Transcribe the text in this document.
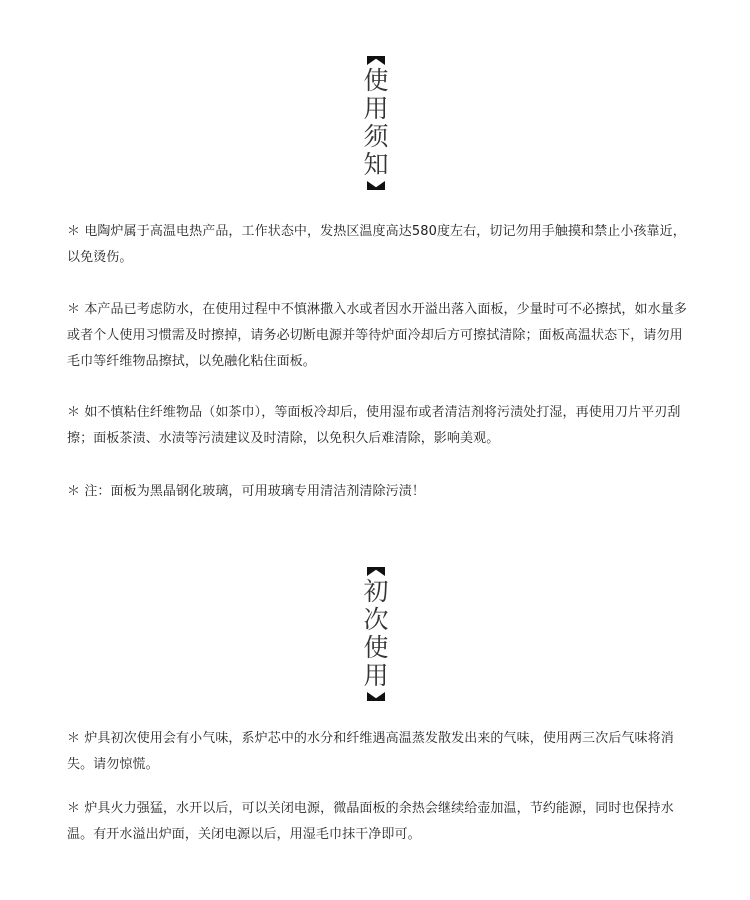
使
用
须
知

＊ 电陶炉属于高温电热产品，工作状态中，发热区温度高达580度左右，切记勿用手触摸和禁止小孩靠近，以免烫伤。

＊ 本产品已考虑防水，在使用过程中不慎淋撒入水或者因水开溢出落入面板，少量时可不必擦拭，如水量多或者个人使用习惯需及时擦掉，请务必切断电源并等待炉面冷却后方可擦拭清除；面板高温状态下，请勿用毛巾等纤维物品擦拭，以免融化粘住面板。

＊ 如不慎粘住纤维物品（如茶巾），等面板冷却后，使用湿布或者清洁剂将污渍处打湿，再使用刀片平刃刮擦；面板茶渍、水渍等污渍建议及时清除，以免积久后难清除，影响美观。

＊ 注：面板为黑晶钢化玻璃，可用玻璃专用清洁剂清除污渍！

初
次
使
用

＊ 炉具初次使用会有小气味，系炉芯中的水分和纤维遇高温蒸发散发出来的气味，使用两三次后气味将消失。请勿惊慌。

＊ 炉具火力强猛，水开以后，可以关闭电源，微晶面板的余热会继续给壶加温，节约能源，同时也保持水温。有开水溢出炉面，关闭电源以后，用湿毛巾抹干净即可。
